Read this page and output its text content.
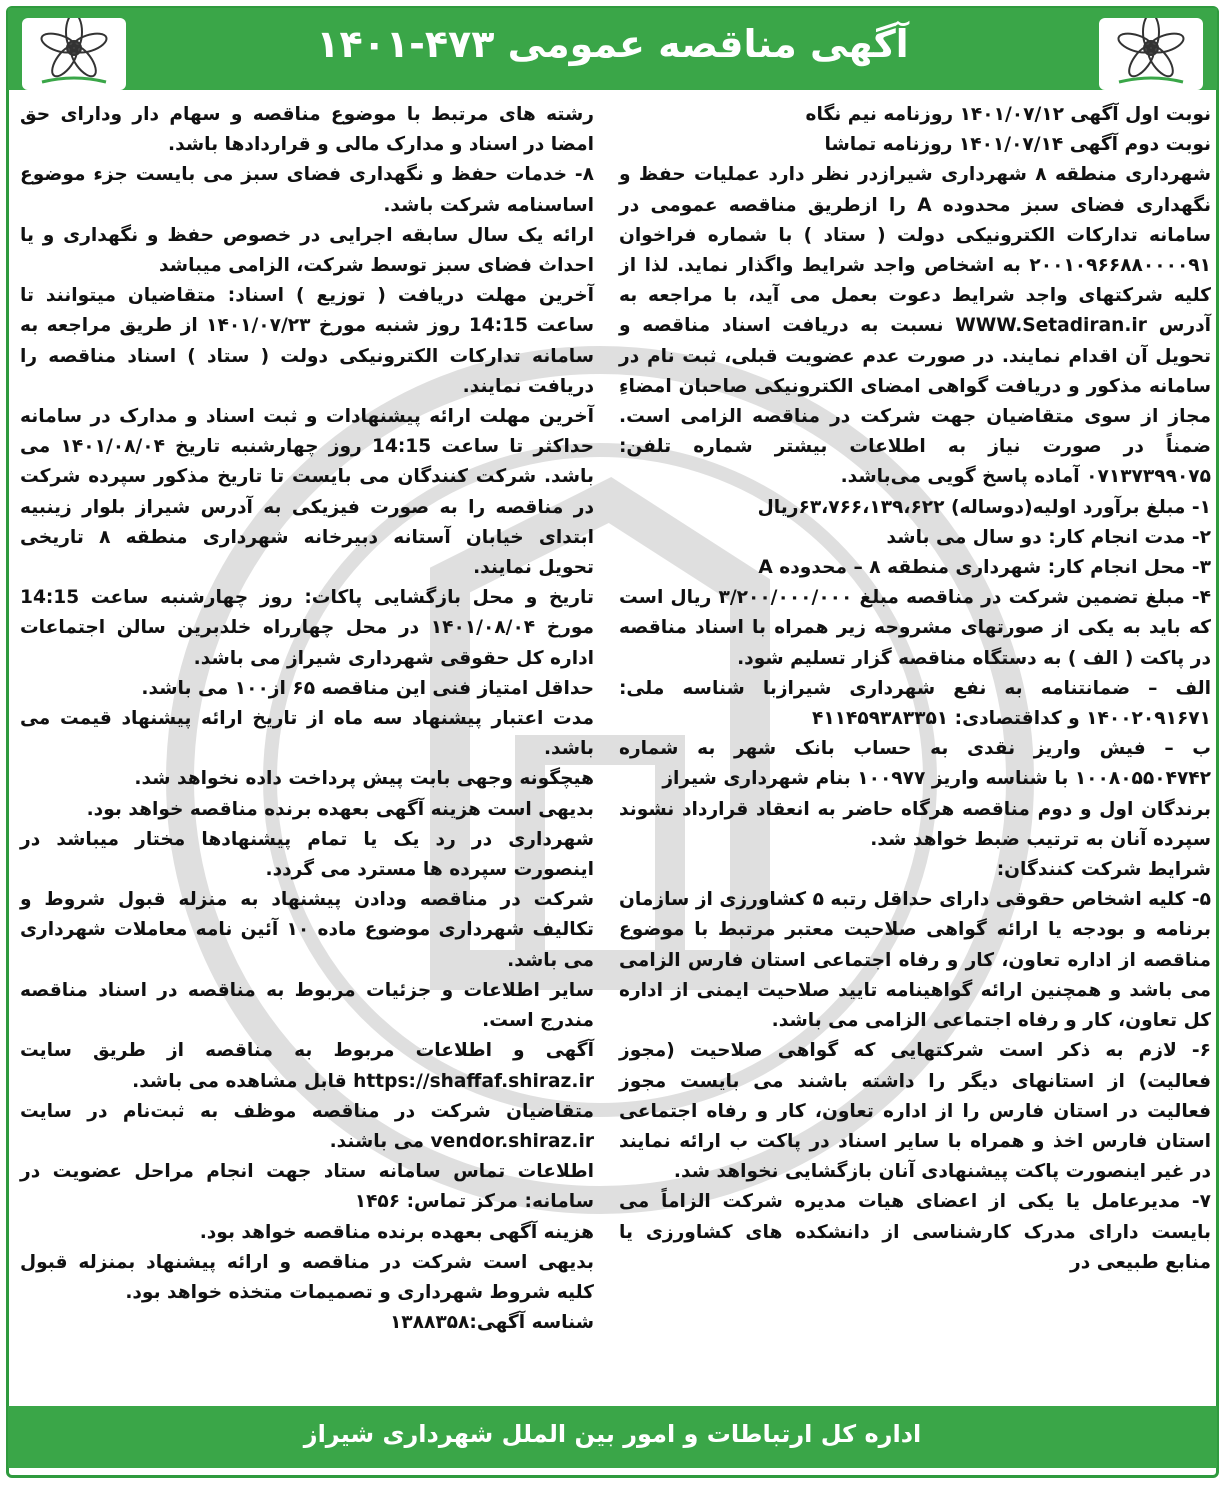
آگهی مناقصه عمومی ۴۷۳-۱۴۰۱

نوبت اول آگهی ۱۴۰۱/۰۷/۱۲ روزنامه نیم نگاه

نوبت دوم آگهی ۱۴۰۱/۰۷/۱۴ روزنامه تماشا

شهرداری منطقه ۸ شهرداری شیرازدر نظر دارد عملیات حفظ و نگهداری فضای سبز محدوده A را ازطریق مناقصه عمومی در سامانه تدارکات الکترونیکی دولت ( ستاد ) با شماره فراخوان ۲۰۰۱۰۹۶۶۸۸۰۰۰۰۹۱ به اشخاص واجد شرایط واگذار نماید. لذا از کلیه شرکتهای واجد شرایط دعوت بعمل می آید، با مراجعه به آدرس WWW.Setadiran.ir نسبت به دریافت اسناد مناقصه و تحویل آن اقدام نمایند. در صورت عدم عضویت قبلی، ثبت نام در سامانه مذکور و دریافت گواهی امضای الکترونیکی صاحبان امضاءِ مجاز از سوی متقاضیان جهت شرکت در مناقصه الزامی است. ضمناً در صورت نیاز به اطلاعات بیشتر شماره تلفن: ۰۷۱۳۷۳۹۹۰۷۵ آماده پاسخ گویی می‌باشد.

۱- مبلغ برآورد اولیه(دوساله) ۶۳،۷۶۶،۱۳۹،۶۲۲ریال

۲- مدت انجام کار: دو سال می باشد

۳- محل انجام کار: شهرداری منطقه ۸ – محدوده A

۴- مبلغ تضمین شرکت در مناقصه مبلغ ۳/۲۰۰/۰۰۰/۰۰۰ ریال است که باید به یکی از صورتهای مشروحه زیر همراه با اسناد مناقصه در پاکت ( الف ) به دستگاه مناقصه گزار تسلیم شود.

الف – ضمانتنامه به نفع شهرداری شیرازبا شناسه ملی: ۱۴۰۰۲۰۹۱۶۷۱ و کداقتصادی: ۴۱۱۴۵۹۳۸۳۳۵۱

ب – فیش واریز نقدی به حساب بانک شهر به شماره ۱۰۰۸۰۵۵۰۴۷۴۲ با شناسه واریز ۱۰۰۹۷۷ بنام شهرداری شیراز

برندگان اول و دوم مناقصه هرگاه حاضر به انعقاد قرارداد نشوند سپرده آنان به ترتیب ضبط خواهد شد.

شرایط شرکت کنندگان:

۵- کلیه اشخاص حقوقی دارای حداقل رتبه ۵ کشاورزی از سازمان برنامه و بودجه یا ارائه گواهی صلاحیت معتبر مرتبط با موضوع مناقصه از اداره تعاون، کار و رفاه اجتماعی استان فارس الزامی می باشد و همچنین ارائه گواهینامه تایید صلاحیت ایمنی از اداره کل تعاون، کار و رفاه اجتماعی الزامی می باشد.

۶- لازم به ذکر است شرکتهایی که گواهی صلاحیت (مجوز فعالیت) از استانهای دیگر را داشته باشند می بایست مجوز فعالیت در استان فارس را از اداره تعاون، کار و رفاه اجتماعی استان فارس اخذ و همراه با سایر اسناد در پاکت ب ارائه نمایند در غیر اینصورت پاکت پیشنهادی آنان بازگشایی نخواهد شد.

۷- مدیرعامل یا یکی از اعضای هیات مدیره شرکت الزاماً می بایست دارای مدرک کارشناسی از دانشکده های کشاورزی یا منابع طبیعی در

رشته های مرتبط با موضوع مناقصه و سهام دار ودارای حق امضا در اسناد و مدارک مالی و قراردادها باشد.

۸- خدمات حفظ و نگهداری فضای سبز می بایست جزء موضوع اساسنامه شرکت باشد.

ارائه یک سال سابقه اجرایی در خصوص حفظ و نگهداری و یا احداث فضای سبز توسط شرکت، الزامی میباشد

آخرین مهلت دریافت ( توزیع ) اسناد: متقاضیان میتوانند تا ساعت 14:15 روز شنبه مورخ ۱۴۰۱/۰۷/۲۳ از طریق مراجعه به سامانه تدارکات الکترونیکی دولت ( ستاد ) اسناد مناقصه را دریافت نمایند.

آخرین مهلت ارائه پیشنهادات و ثبت اسناد و مدارک در سامانه حداکثر تا ساعت 14:15 روز چهارشنبه تاریخ ۱۴۰۱/۰۸/۰۴ می باشد. شرکت کنندگان می بایست تا تاریخ مذکور سپرده شرکت در مناقصه را به صورت فیزیکی به آدرس شیراز بلوار زینبیه ابتدای خیابان آستانه دبیرخانه شهرداری منطقه ۸ تاریخی تحویل نمایند.

تاریخ و محل بازگشایی پاکات: روز چهارشنبه ساعت 14:15 مورخ ۱۴۰۱/۰۸/۰۴ در محل چهارراه خلدبرین سالن اجتماعات اداره کل حقوقی شهرداری شیراز می باشد.

حداقل امتیاز فنی این مناقصه ۶۵ از۱۰۰ می باشد.

مدت اعتبار پیشنهاد سه ماه از تاریخ ارائه پیشنهاد قیمت می باشد.

هیچگونه وجهی بابت پیش پرداخت داده نخواهد شد.

بدیهی است هزینه آگهی بعهده برنده مناقصه خواهد بود.

شهرداری در رد یک یا تمام پیشنهادها مختار میباشد در اینصورت سپرده ها مسترد می گردد.

شرکت در مناقصه ودادن پیشنهاد به منزله قبول شروط و تکالیف شهرداری موضوع ماده ۱۰ آئین نامه معاملات شهرداری می باشد.

سایر اطلاعات و جزئیات مربوط به مناقصه در اسناد مناقصه مندرج است.

آگهی و اطلاعات مربوط به مناقصه از طریق سایت https://shaffaf.shiraz.ir قابل مشاهده می باشد.

متقاضیان شرکت در مناقصه موظف به ثبت‌نام در سایت vendor.shiraz.ir می باشند.

اطلاعات تماس سامانه ستاد جهت انجام مراحل عضویت در سامانه: مرکز تماس: ۱۴۵۶

هزینه آگهی بعهده برنده مناقصه خواهد بود.

بدیهی است شرکت در مناقصه و ارائه پیشنهاد بمنزله قبول کلیه شروط شهرداری و تصمیمات متخذه خواهد بود.

شناسه آگهی:۱۳۸۸۳۵۸

اداره کل ارتباطات و امور بین الملل شهرداری شیراز
